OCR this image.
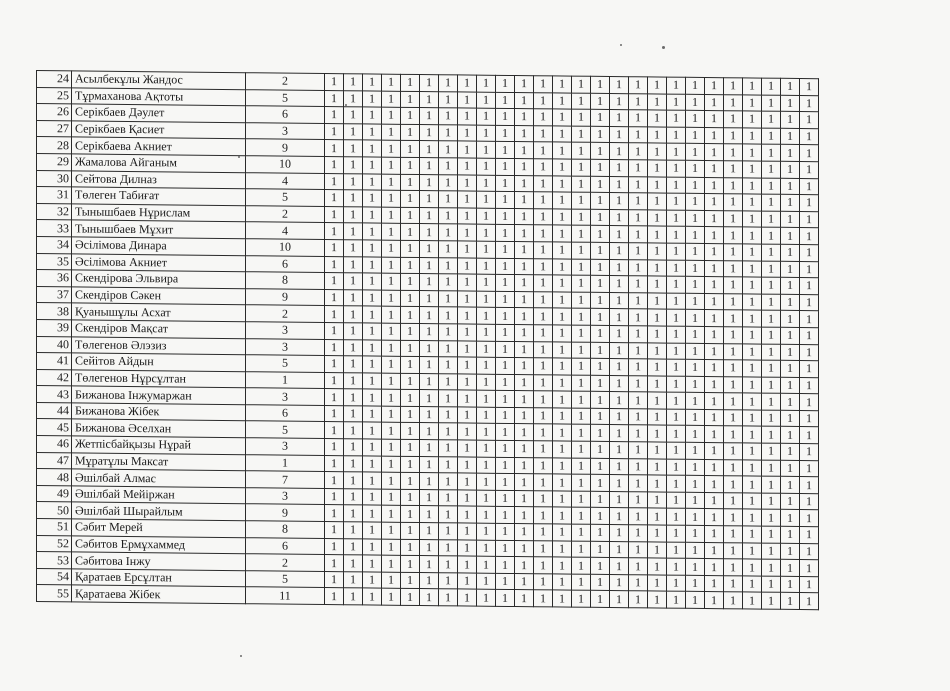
24	Асылбекұлы Жандос	2	1	1	1	1	1	1	1	1	1	1	1	1	1	1	1	1	1	1	1	1	1	1	1	1	1	1
25	Тұрмаханова Ақтоты	5	1	1	1	1	1	1	1	1	1	1	1	1	1	1	1	1	1	1	1	1	1	1	1	1	1	1
26	Серікбаев Дәулет	6	1	1	1	1	1	1	1	1	1	1	1	1	1	1	1	1	1	1	1	1	1	1	1	1	1	1
27	Серікбаев Қасиет	3	1	1	1	1	1	1	1	1	1	1	1	1	1	1	1	1	1	1	1	1	1	1	1	1	1	1
28	Серікбаева Акниет	9	1	1	1	1	1	1	1	1	1	1	1	1	1	1	1	1	1	1	1	1	1	1	1	1	1	1
29	Жамалова Айганым	10	1	1	1	1	1	1	1	1	1	1	1	1	1	1	1	1	1	1	1	1	1	1	1	1	1	1
30	Сейтова Дилназ	4	1	1	1	1	1	1	1	1	1	1	1	1	1	1	1	1	1	1	1	1	1	1	1	1	1	1
31	Төлеген Табиғат	5	1	1	1	1	1	1	1	1	1	1	1	1	1	1	1	1	1	1	1	1	1	1	1	1	1	1
32	Тынышбаев Нұрислам	2	1	1	1	1	1	1	1	1	1	1	1	1	1	1	1	1	1	1	1	1	1	1	1	1	1	1
33	Тынышбаев Мұхит	4	1	1	1	1	1	1	1	1	1	1	1	1	1	1	1	1	1	1	1	1	1	1	1	1	1	1
34	Әсілімова Динара	10	1	1	1	1	1	1	1	1	1	1	1	1	1	1	1	1	1	1	1	1	1	1	1	1	1	1
35	Әсілімова Акниет	6	1	1	1	1	1	1	1	1	1	1	1	1	1	1	1	1	1	1	1	1	1	1	1	1	1	1
36	Скендірова Эльвира	8	1	1	1	1	1	1	1	1	1	1	1	1	1	1	1	1	1	1	1	1	1	1	1	1	1	1
37	Скендіров Сәкен	9	1	1	1	1	1	1	1	1	1	1	1	1	1	1	1	1	1	1	1	1	1	1	1	1	1	1
38	Қуанышұлы Асхат	2	1	1	1	1	1	1	1	1	1	1	1	1	1	1	1	1	1	1	1	1	1	1	1	1	1	1
39	Скендіров Мақсат	3	1	1	1	1	1	1	1	1	1	1	1	1	1	1	1	1	1	1	1	1	1	1	1	1	1	1
40	Төлегенов Әлэзиз	3	1	1	1	1	1	1	1	1	1	1	1	1	1	1	1	1	1	1	1	1	1	1	1	1	1	1
41	Сейітов Айдын	5	1	1	1	1	1	1	1	1	1	1	1	1	1	1	1	1	1	1	1	1	1	1	1	1	1	1
42	Төлегенов Нұрсұлтан	1	1	1	1	1	1	1	1	1	1	1	1	1	1	1	1	1	1	1	1	1	1	1	1	1	1	1
43	Бижанова Інжумаржан	3	1	1	1	1	1	1	1	1	1	1	1	1	1	1	1	1	1	1	1	1	1	1	1	1	1	1
44	Бижанова Жібек	6	1	1	1	1	1	1	1	1	1	1	1	1	1	1	1	1	1	1	1	1	1	1	1	1	1	1
45	Бижанова Әселхан	5	1	1	1	1	1	1	1	1	1	1	1	1	1	1	1	1	1	1	1	1	1	1	1	1	1	1
46	Жетпісбайқызы Нұрай	3	1	1	1	1	1	1	1	1	1	1	1	1	1	1	1	1	1	1	1	1	1	1	1	1	1	1
47	Мұратұлы Максат	1	1	1	1	1	1	1	1	1	1	1	1	1	1	1	1	1	1	1	1	1	1	1	1	1	1	1
48	Әшілбай Алмас	7	1	1	1	1	1	1	1	1	1	1	1	1	1	1	1	1	1	1	1	1	1	1	1	1	1	1
49	Әшілбай Мейіржан	3	1	1	1	1	1	1	1	1	1	1	1	1	1	1	1	1	1	1	1	1	1	1	1	1	1	1
50	Әшілбай Шырайлым	9	1	1	1	1	1	1	1	1	1	1	1	1	1	1	1	1	1	1	1	1	1	1	1	1	1	1
51	Сәбит Мерей	8	1	1	1	1	1	1	1	1	1	1	1	1	1	1	1	1	1	1	1	1	1	1	1	1	1	1
52	Сәбитов Ермұхаммед	6	1	1	1	1	1	1	1	1	1	1	1	1	1	1	1	1	1	1	1	1	1	1	1	1	1	1
53	Сәбитова Інжу	2	1	1	1	1	1	1	1	1	1	1	1	1	1	1	1	1	1	1	1	1	1	1	1	1	1	1
54	Қаратаев Ерсұлтан	5	1	1	1	1	1	1	1	1	1	1	1	1	1	1	1	1	1	1	1	1	1	1	1	1	1	1
55	Қаратаева Жібек	11	1	1	1	1	1	1	1	1	1	1	1	1	1	1	1	1	1	1	1	1	1	1	1	1	1	1
